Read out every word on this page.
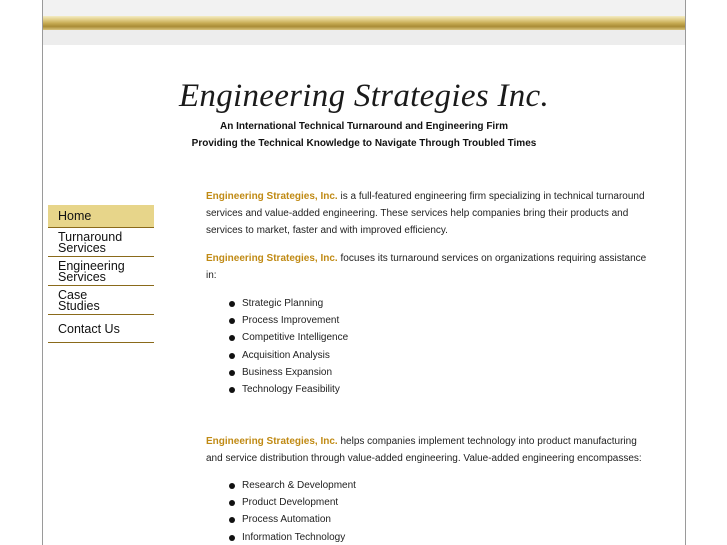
Engineering Strategies Inc.
An International Technical Turnaround and Engineering Firm
Providing the Technical Knowledge to Navigate Through Troubled Times
Home
Turnaround
Services
Engineering
Services
Case
Studies
Contact Us

Engineering Strategies, Inc. is a full-featured engineering firm specializing in technical turnaround services and value-added engineering. These services help companies bring their products and services to market, faster and with improved efficiency.

Engineering Strategies, Inc. focuses its turnaround services on organizations requiring assistance in:

Strategic Planning
Process Improvement
Competitive Intelligence
Acquisition Analysis
Business Expansion
Technology Feasibility

Engineering Strategies, Inc. helps companies implement technology into product manufacturing and service distribution through value-added engineering. Value-added engineering encompasses:

Research & Development
Product Development
Process Automation
Information Technology
